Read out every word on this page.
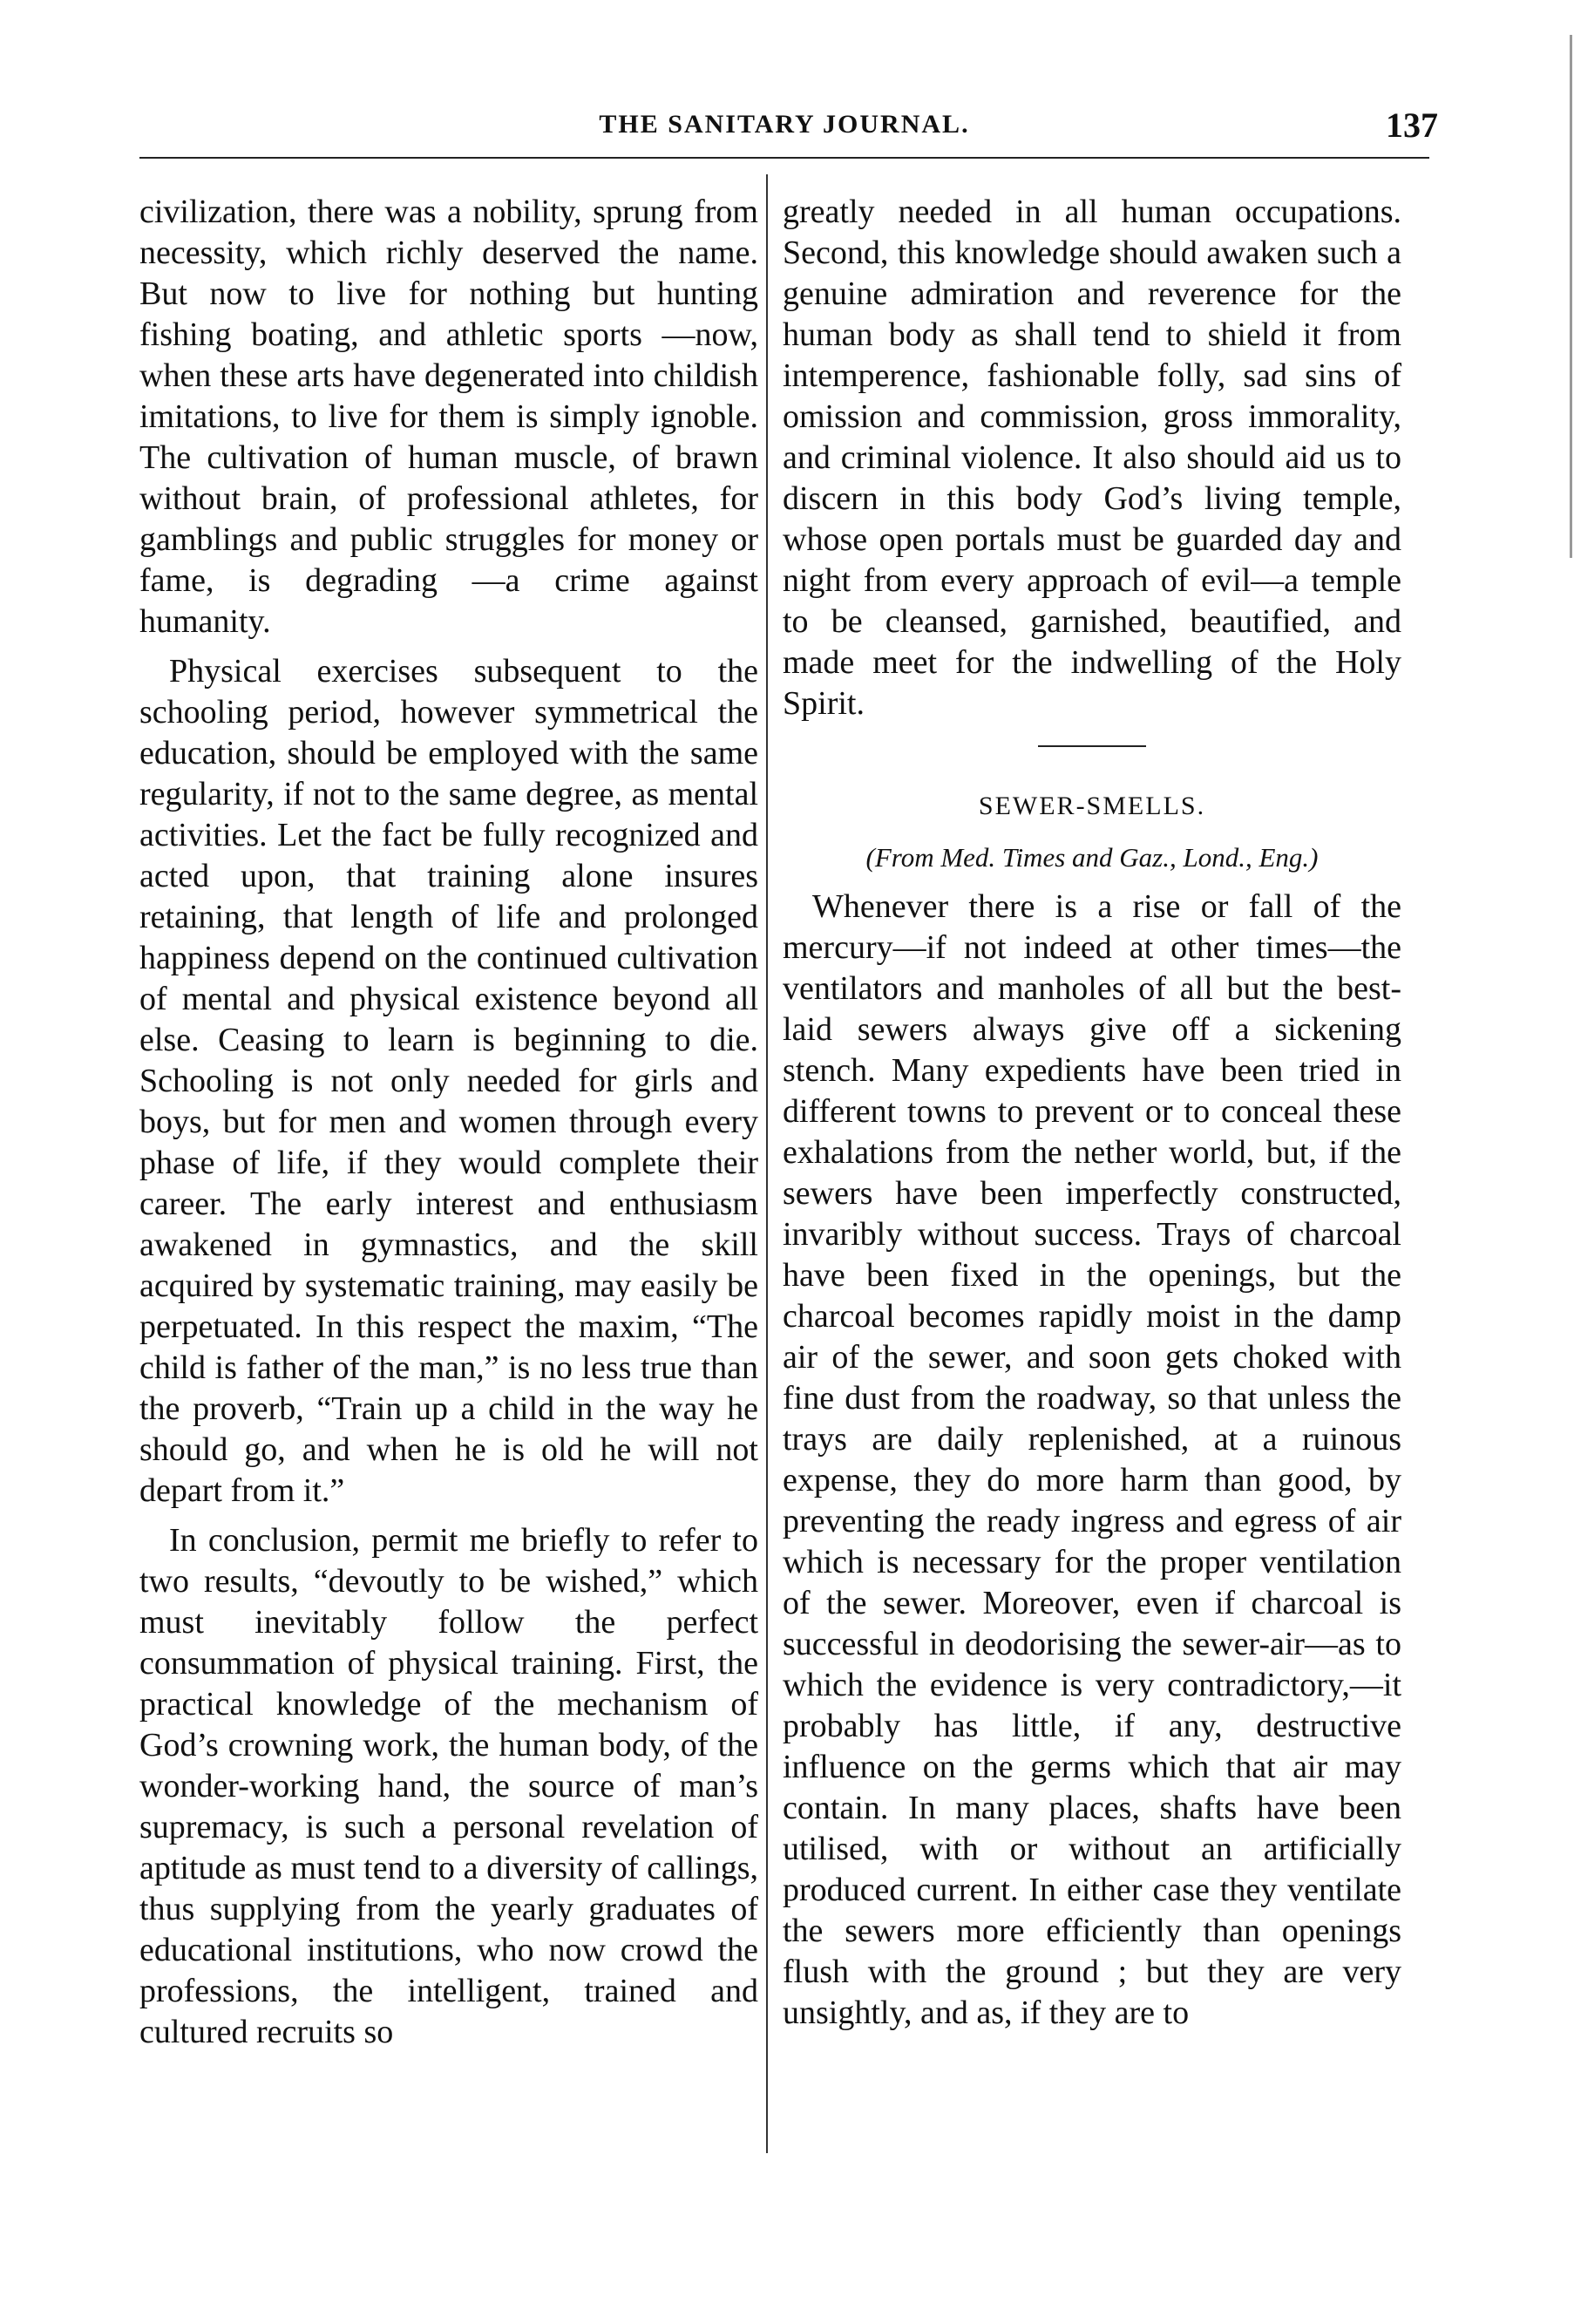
THE SANITARY JOURNAL.	137

civilization, there was a nobility, sprung from necessity, which richly deserved the name. But now to live for nothing but hunting fishing boating, and athletic sports —now, when these arts have degenerated into childish imitations, to live for them is simply ignoble. The cultivation of human muscle, of brawn without brain, of professional athletes, for gamblings and public struggles for money or fame, is degrading —a crime against humanity.

Physical exercises subsequent to the schooling period, however symmetrical the education, should be employed with the same regularity, if not to the same degree, as mental activities. Let the fact be fully recognized and acted upon, that training alone insures retaining, that length of life and prolonged happiness depend on the continued cultivation of mental and physical existence beyond all else. Ceasing to learn is beginning to die. Schooling is not only needed for girls and boys, but for men and women through every phase of life, if they would complete their career. The early interest and enthusiasm awakened in gymnastics, and the skill acquired by systematic training, may easily be perpetuated. In this respect the maxim, “The child is father of the man,” is no less true than the proverb, “Train up a child in the way he should go, and when he is old he will not depart from it.”

In conclusion, permit me briefly to refer to two results, “devoutly to be wished,” which must inevitably follow the perfect consummation of physical training. First, the practical knowledge of the mechanism of God’s crowning work, the human body, of the wonder-working hand, the source of man’s supremacy, is such a personal revelation of aptitude as must tend to a diversity of callings, thus supplying from the yearly graduates of educational institutions, who now crowd the professions, the intelligent, trained and cultured recruits so

greatly needed in all human occupations. Second, this knowledge should awaken such a genuine admiration and reverence for the human body as shall tend to shield it from intemperence, fashionable folly, sad sins of omission and commission, gross immorality, and criminal violence. It also should aid us to discern in this body God’s living temple, whose open portals must be guarded day and night from every approach of evil—a temple to be cleansed, garnished, beautified, and made meet for the indwelling of the Holy Spirit.

SEWER-SMELLS.
(From Med. Times and Gaz., Lond., Eng.)

Whenever there is a rise or fall of the mercury—if not indeed at other times—the ventilators and manholes of all but the best-laid sewers always give off a sickening stench. Many expedients have been tried in different towns to prevent or to conceal these exhalations from the nether world, but, if the sewers have been imperfectly constructed, invaribly without success. Trays of charcoal have been fixed in the openings, but the charcoal becomes rapidly moist in the damp air of the sewer, and soon gets choked with fine dust from the roadway, so that unless the trays are daily replenished, at a ruinous expense, they do more harm than good, by preventing the ready ingress and egress of air which is necessary for the proper ventilation of the sewer. Moreover, even if charcoal is successful in deodorising the sewer-air—as to which the evidence is very contradictory,—it probably has little, if any, destructive influence on the germs which that air may contain. In many places, shafts have been utilised, with or without an artificially produced current. In either case they ventilate the sewers more efficiently than openings flush with the ground ; but they are very unsightly, and as, if they are to
